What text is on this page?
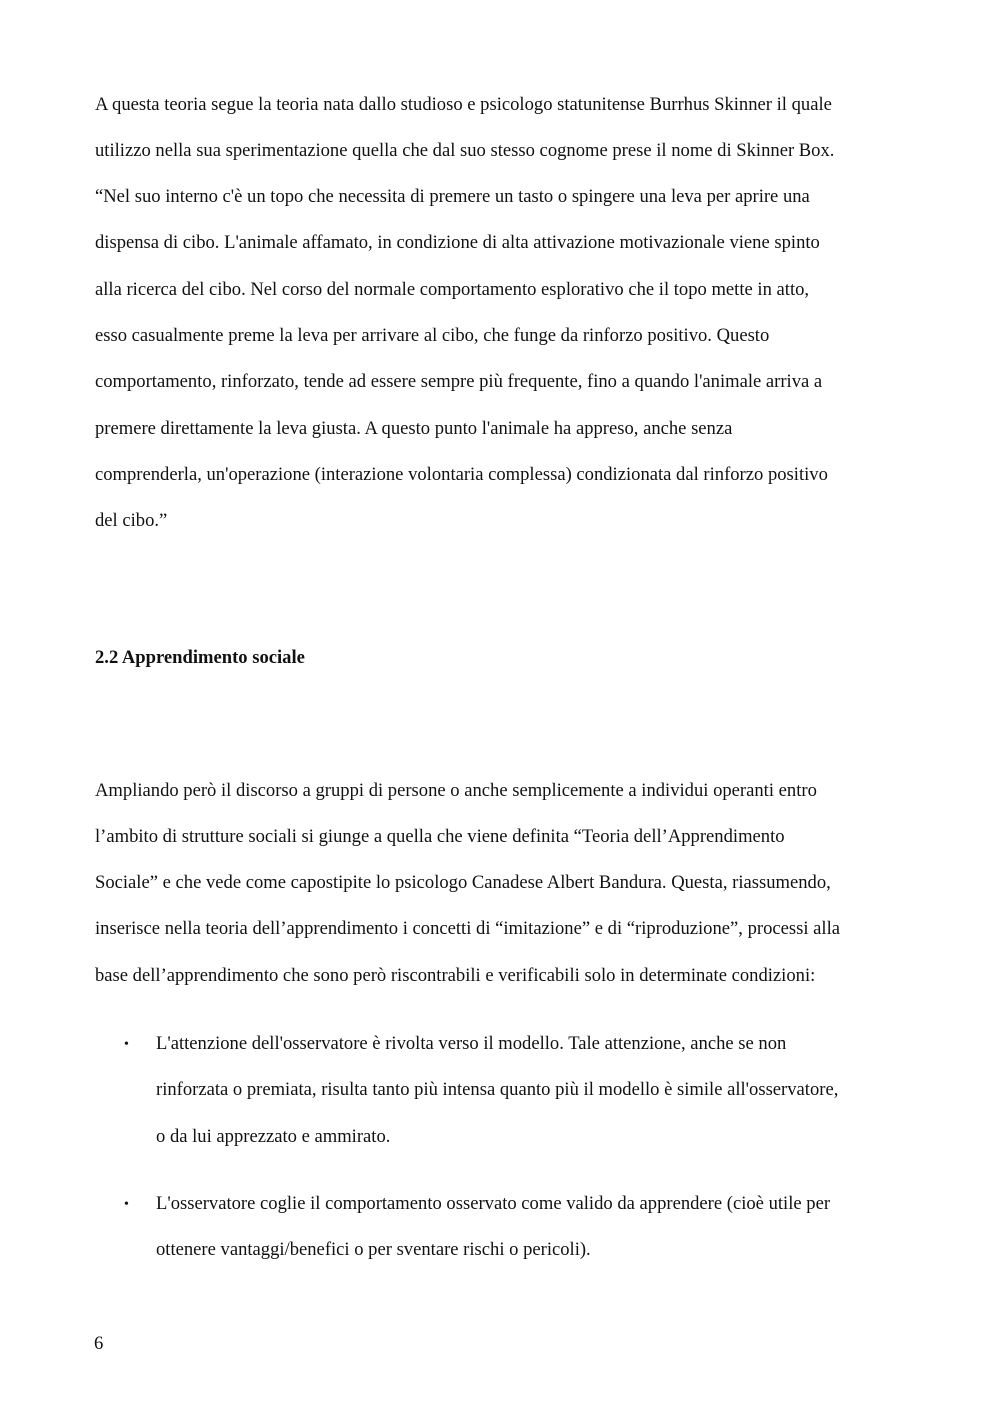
A questa teoria segue la teoria nata dallo studioso e psicologo statunitense Burrhus Skinner il quale
utilizzo nella sua sperimentazione quella che dal suo stesso cognome prese il nome di Skinner Box.
“Nel suo interno c'è un topo che necessita di premere un tasto o spingere una leva per aprire una
dispensa di cibo. L'animale affamato, in condizione di alta attivazione motivazionale viene spinto
alla ricerca del cibo. Nel corso del normale comportamento esplorativo che il topo mette in atto,
esso casualmente preme la leva per arrivare al cibo, che funge da rinforzo positivo. Questo
comportamento, rinforzato, tende ad essere sempre più frequente, fino a quando l'animale arriva a
premere direttamente la leva giusta. A questo punto l'animale ha appreso, anche senza
comprenderla, un'operazione (interazione volontaria complessa) condizionata dal rinforzo positivo
del cibo.”
2.2 Apprendimento sociale
Ampliando però il discorso a gruppi di persone o anche semplicemente a individui operanti entro
l’ambito di strutture sociali si giunge a quella che viene definita “Teoria dell’Apprendimento
Sociale” e che vede come capostipite lo psicologo Canadese Albert Bandura. Questa, riassumendo,
inserisce nella teoria dell’apprendimento i concetti di “imitazione” e di “riproduzione”, processi alla
base dell’apprendimento che sono però riscontrabili e verificabili solo in determinate condizioni:
• L'attenzione dell'osservatore è rivolta verso il modello. Tale attenzione, anche se non
rinforzata o premiata, risulta tanto più intensa quanto più il modello è simile all'osservatore,
o da lui apprezzato e ammirato.
• L'osservatore coglie il comportamento osservato come valido da apprendere (cioè utile per
ottenere vantaggi/benefici o per sventare rischi o pericoli).
6
